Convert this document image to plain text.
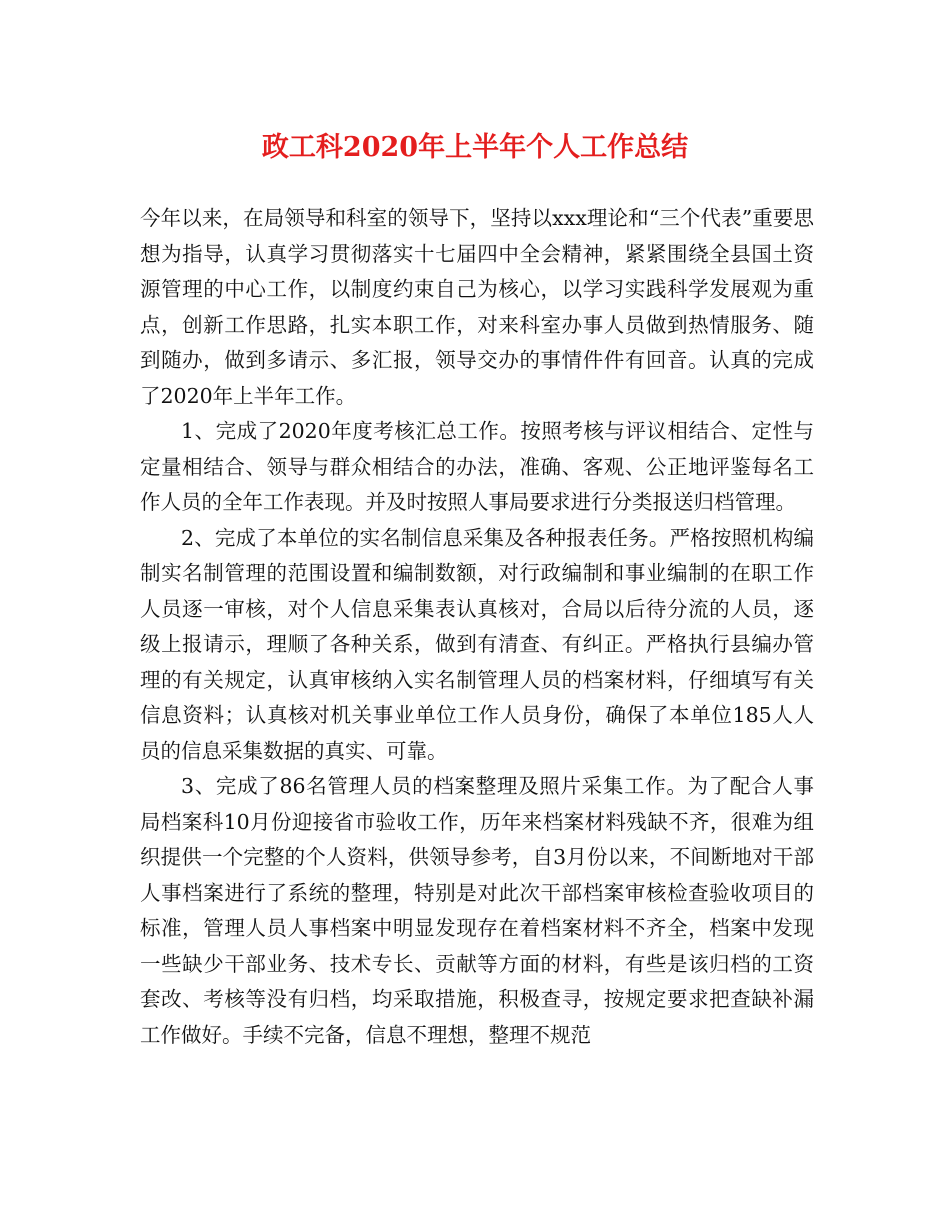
政工科2020年上半年个人工作总结

今年以来，在局领导和科室的领导下，坚持以xxx理论和“三个代表”重要思想为指导，认真学习贯彻落实十七届四中全会精神，紧紧围绕全县国土资源管理的中心工作，以制度约束自己为核心，以学习实践科学发展观为重点，创新工作思路，扎实本职工作，对来科室办事人员做到热情服务、随到随办，做到多请示、多汇报，领导交办的事情件件有回音。认真的完成了2020年上半年工作。

1、完成了2020年度考核汇总工作。按照考核与评议相结合、定性与定量相结合、领导与群众相结合的办法，准确、客观、公正地评鉴每名工作人员的全年工作表现。并及时按照人事局要求进行分类报送归档管理。

2、完成了本单位的实名制信息采集及各种报表任务。严格按照机构编制实名制管理的范围设置和编制数额，对行政编制和事业编制的在职工作人员逐一审核，对个人信息采集表认真核对，合局以后待分流的人员，逐级上报请示，理顺了各种关系，做到有清查、有纠正。严格执行县编办管理的有关规定，认真审核纳入实名制管理人员的档案材料，仔细填写有关信息资料；认真核对机关事业单位工作人员身份，确保了本单位185人人员的信息采集数据的真实、可靠。

3、完成了86名管理人员的档案整理及照片采集工作。为了配合人事局档案科10月份迎接省市验收工作，历年来档案材料残缺不齐，很难为组织提供一个完整的个人资料，供领导参考，自3月份以来，不间断地对干部人事档案进行了系统的整理，特别是对此次干部档案审核检查验收项目的标准，管理人员人事档案中明显发现存在着档案材料不齐全，档案中发现一些缺少干部业务、技术专长、贡献等方面的材料，有些是该归档的工资套改、考核等没有归档，均采取措施，积极查寻，按规定要求把查缺补漏工作做好。手续不完备，信息不理想，整理不规范
